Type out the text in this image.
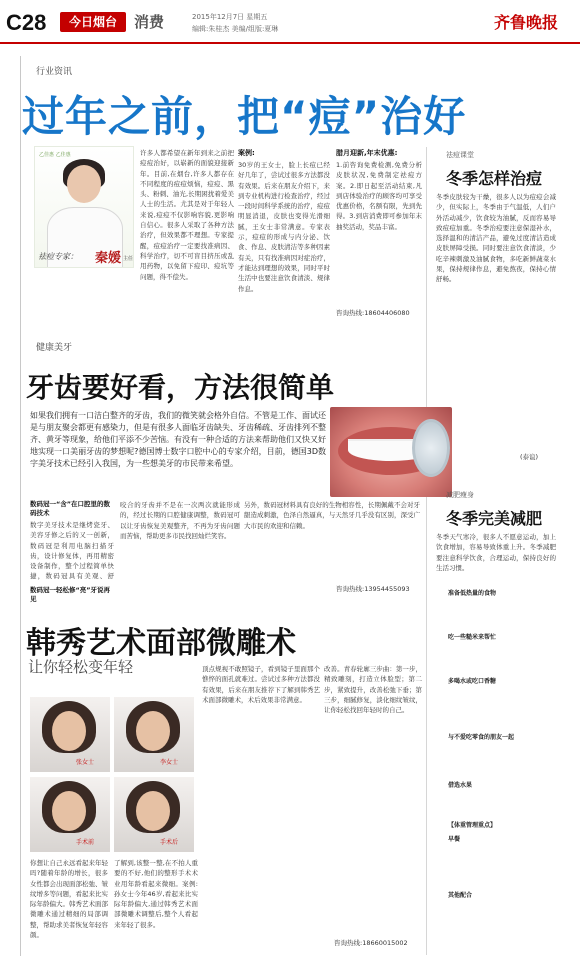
C28	今日烟台	消费	2015年12月7日 星期五
编辑:朱桂杰 美编/组版:夏琳	齐鲁晚报
行业资讯
过年之前，把“痘”治好
乙佳惠 乙佳惠
祛痘专家： 秦媛 主任
许多人都希望在新年到来之前把痘痘治好，以崭新的面貌迎接新年。目前,在烟台,许多人都存在不同程度的痘痘烦恼，痘痘、黑头、粉刺、油光,长期困扰着爱美人士的生活。尤其是对于年轻人来说,痘痘不仅影响容貌,更影响自信心。很多人采取了各种方法治疗，但效果都不理想。专家提醒，痘痘治疗一定要找准病因、科学治疗，切不可盲目挤压或乱用药物，以免留下痘印、痘坑等问题，得不偿失。
案例:
30岁的王女士，脸上长痘已经好几年了，尝试过很多方法都没有效果。后来在朋友介绍下，来到专业机构进行检查治疗，经过一段时间科学系统的治疗，痘痘明显消退，皮肤也变得光滑细腻，王女士非常满意。专家表示，痘痘的形成与内分泌、饮食、作息、皮肤清洁等多种因素有关，只有找准病因对症治疗，才能达到理想的效果，同时平时生活中也要注意饮食清淡、规律作息。
腊月迎新,年末优惠:
1.前咨询免费检测,免费分析皮肤状况,免费制定祛痘方案。2.即日起至活动结束,凡到店体验治疗的顾客均可享受优惠价格，名额有限，先到先得。3.到店消费即可参加年末抽奖活动，奖品丰富。
咨询热线:18604406080
健康美牙
牙齿要好看，方法很简单
如果我们拥有一口洁白整齐的牙齿，我们的微笑就会格外自信。不管是工作、面试还是与朋友聚会都更有感染力，但是有很多人面临牙齿缺失、牙齿稀疏、牙齿排列不整齐、黄牙等现象，给他们平添不少苦恼。有没有一种合适的方法来帮助他们又快又好地实现一口美丽牙齿的梦想呢?德国博士数字口腔中心的专家介绍，目前，德国3D数字美牙技术已经引入我国，为一些想美牙的市民带来希望。
数码冠一“含”在口腔里的数码技术
数字美牙技术是继烤瓷牙、美容牙修之后的又一创新，数码冠是利用电脑扫描牙齿，设计修复体，再用精密设备制作，整个过程简单快捷，数码冠具有美观、舒
数码冠一轻松修“亮”牙说再见
咬合的牙齿并不是在一次两次就能形成的，经过长期的口腔健康调整，数码冠可以让牙齿恢复美观整齐，不再为牙齿问题而苦恼，帮助更多市民找回灿烂笑容。
另外，数码冠材料具有良好的生物相容性，长期佩戴不会对牙龈造成刺激，色泽自然逼真，与天然牙几乎没有区别，深受广大市民的欢迎和信赖。
咨询热线:13954455093
韩秀艺术面部微雕术
让你轻松变年轻
张女士	李女士
手术前	手术后
你想让自己永远看起来年轻吗?随着年龄的增长，很多女性都会出现面部松弛、皱纹增多等问题，看起来比实际年龄偏大。韩秀艺术面部微雕术通过精细的局部调整，帮助求美者恢复年轻容颜。
了解到,该整一整,在不拍人重要的不好,他们的整形手术术业用年龄看起来微细。案例:孙女士今年46岁,看起来比实际年龄偏大,通过韩秀艺术面部微雕术调整后,整个人看起来年轻了很多。
顶点规视不敢照镜子，看到镜子里面那个憔悴的面孔就难过。尝试过多种方法都没有效果，后来在朋友推荐下了解到韩秀艺术面部微雕术，术后效果非常满意。
改善。青春轮廓三步曲：第一步，精致雕刻，打造立体脸型；第二步，紧致提升，改善松弛下垂；第三步，细腻修复，淡化细纹皱纹，让你轻松找回年轻时的自己。
咨询热线:18660015002
祛痘课堂
冬季怎样治痘
冬季皮肤较为干燥，很多人以为痘痘会减少，但实际上，冬季由于气温低，人们户外活动减少，饮食较为油腻，反而容易导致痘痘加重。冬季治痘要注意保湿补水，选择温和的清洁产品，避免过度清洁造成皮肤屏障受损。同时要注意饮食清淡，少吃辛辣刺激及油腻食物，多吃新鲜蔬菜水果，保持规律作息，避免熬夜，保持心情舒畅。
(泰谊)
减肥瘦身
冬季完美减肥
冬季天气寒冷，很多人不愿意运动，加上饮食增加，容易导致体重上升。冬季减肥要注意科学饮食，合理运动，保持良好的生活习惯。
准备低热量的食物
吃一些糙米来帮忙
多喝水或吃口香糖
与不爱吃零食的朋友一起
借选水果
【体重管理重点】
早餐
其他配合
